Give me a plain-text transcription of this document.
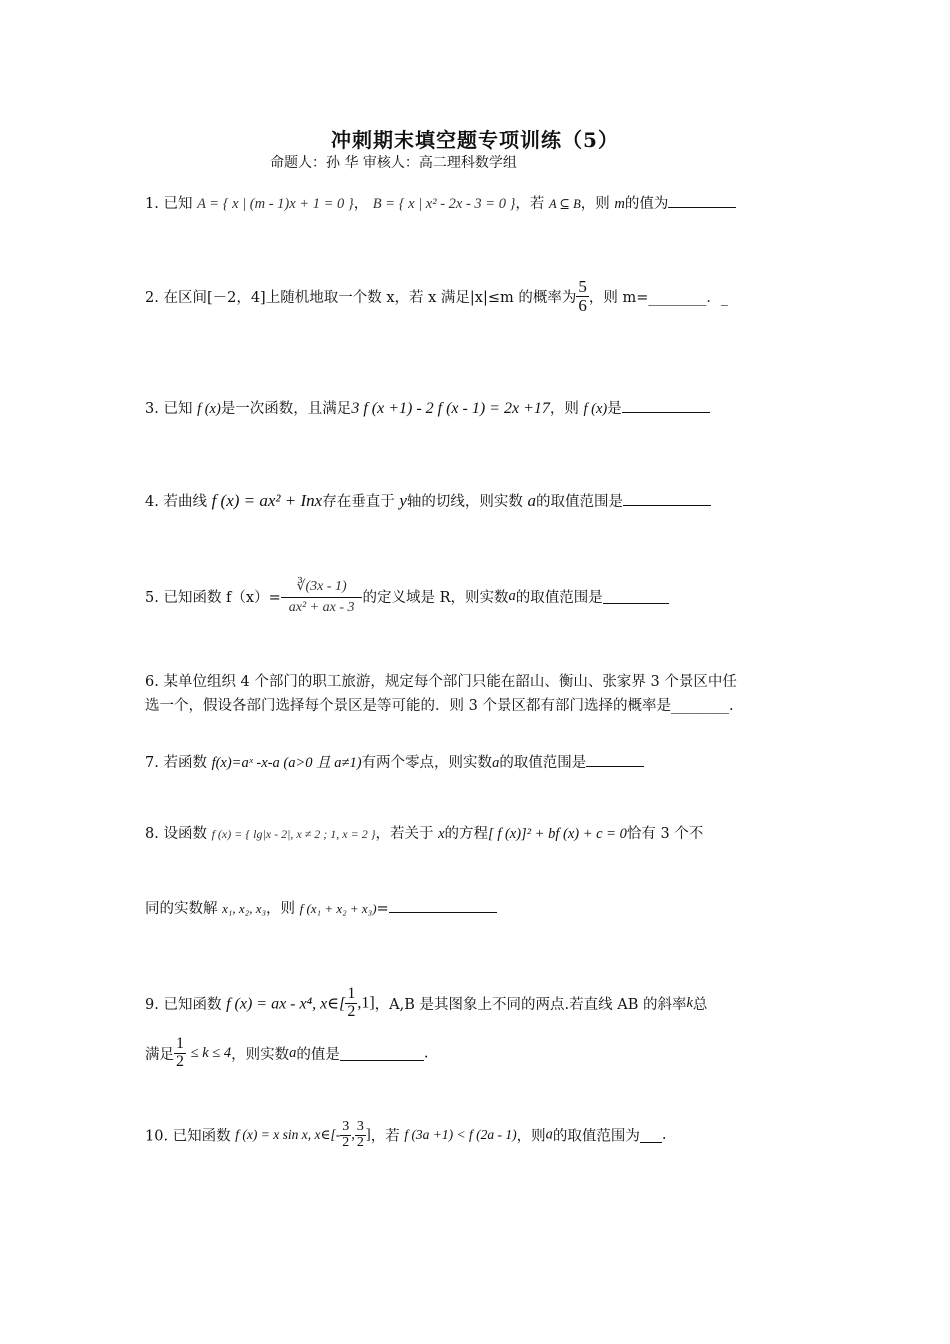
冲刺期末填空题专项训练（5）
命题人：孙 华 审核人：高二理科数学组
1. 已知 A = { x | (m - 1)x + 1 = 0 }， B = { x | x² - 2x - 3 = 0 }，若 A ⊆ B，则 m的值为
2. 在区间[－2，4]上随机地取一个数 x，若 x 满足|x|≤m 的概率为 $\frac{5}{6}$ ，则 m=________．_
3. 已知 f (x)是一次函数，且满足3 f (x +1) - 2 f (x - 1) = 2x +17，则 f (x)是
4. 若曲线 f (x) = ax² + Inx存在垂直于 y轴的切线，则实数 a的取值范围是
5. 已知函数 $f(x)= \frac{∛(3x - 1)}{\text{ax² + ax - 3}}$ 的定义域是 R，则实数a的取值范围是
6. 某单位组织 4 个部门的职工旅游，规定每个部门只能在韶山、衡山、张家界 3 个景区中任
选一个，假设各部门选择每个景区是等可能的．则 3 个景区都有部门选择的概率是________.
7. 若函数 f(x)=aˣ -x-a (a>0 且 a≠1)有两个零点，则实数a的取值范围是
8. 设函数 f (x) = { lg|x - 2|, x ≠ 2 ; 1, x = 2 }，若关于 x的方程[ f (x)]² + bf (x) + c = 0恰有 3 个不
同的实数解 x₁, x₂, x₃，则 f (x₁ + x₂ + x₃)=
9. 已知函数 f (x) = ax - x⁴, x∈[ $\frac{1}{2} ,1$]，A,B 是其图象上不同的两点.若直线 AB 的斜率k总
满足 $\frac{1}{2} \le k \le 4$，则实数a的值是	.
10. 已知函数 f (x) = x sin x, x∈[- $\frac{3}{2}$ , $\frac{3}{2}$ ]，若 f (3a +1) < f (2a - 1)，则a的取值范围为 .
